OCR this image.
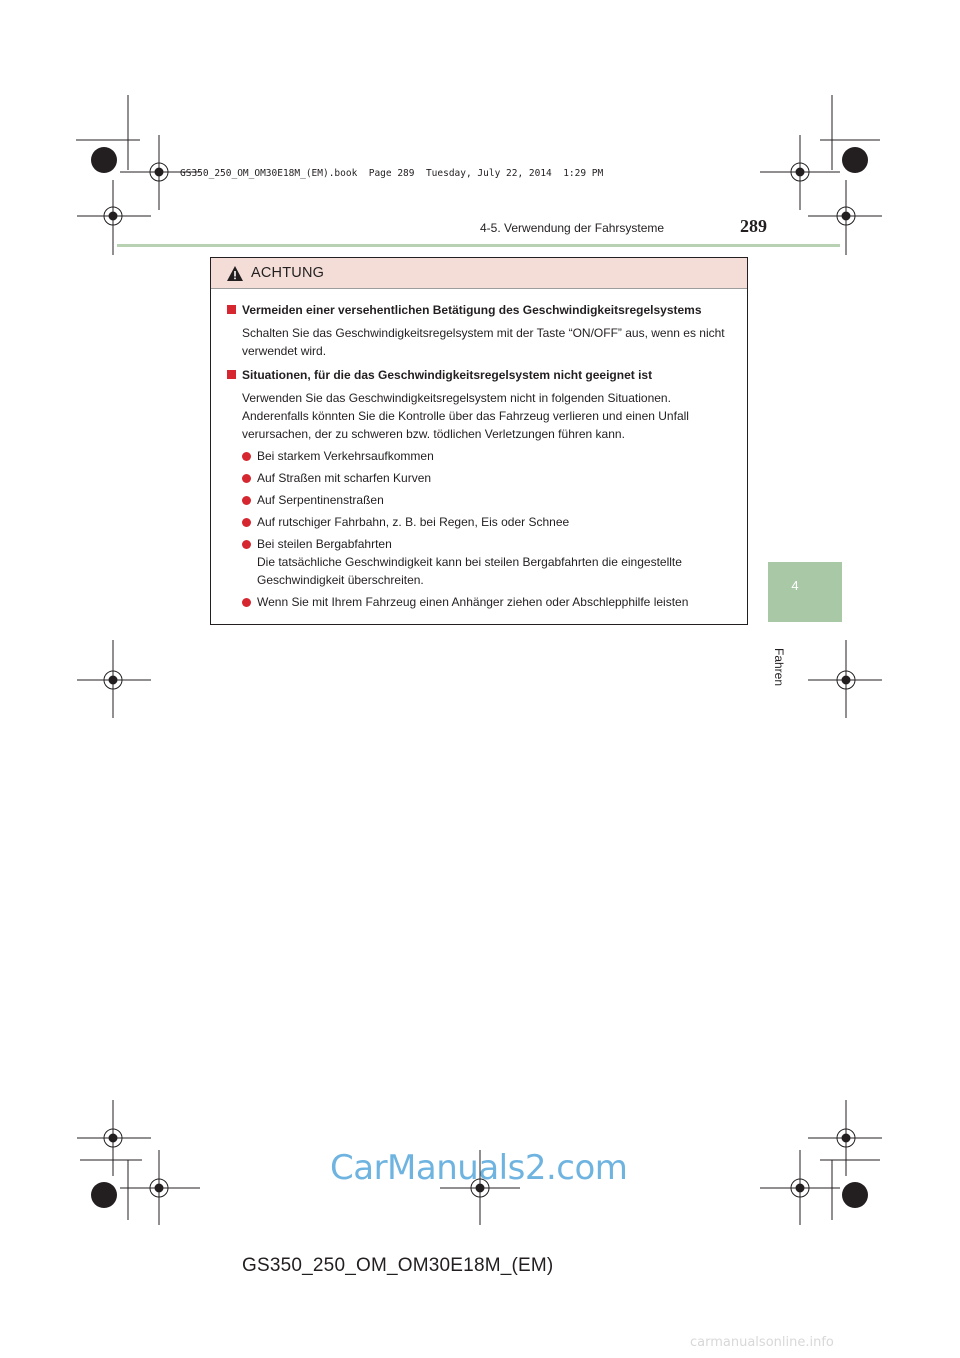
GS350_250_OM_OM30E18M_(EM).book  Page 289  Tuesday, July 22, 2014  1:29 PM
4-5. Verwendung der Fahrsysteme	289
4
Fahren
ACHTUNG
Vermeiden einer versehentlichen Betätigung des Geschwindigkeitsregelsystems
Schalten Sie das Geschwindigkeitsregelsystem mit der Taste “ON/OFF” aus, wenn es nicht verwendet wird.
Situationen, für die das Geschwindigkeitsregelsystem nicht geeignet ist
Verwenden Sie das Geschwindigkeitsregelsystem nicht in folgenden Situationen. Anderenfalls könnten Sie die Kontrolle über das Fahrzeug verlieren und einen Unfall verursachen, der zu schweren bzw. tödlichen Verletzungen führen kann.
Bei starkem Verkehrsaufkommen
Auf Straßen mit scharfen Kurven
Auf Serpentinenstraßen
Auf rutschiger Fahrbahn, z. B. bei Regen, Eis oder Schnee
Bei steilen Bergabfahrten
Die tatsächliche Geschwindigkeit kann bei steilen Bergabfahrten die eingestellte Geschwindigkeit überschreiten.
Wenn Sie mit Ihrem Fahrzeug einen Anhänger ziehen oder Abschlepphilfe leisten
CarManuals2.com
GS350_250_OM_OM30E18M_(EM)
carmanualsonline.info
